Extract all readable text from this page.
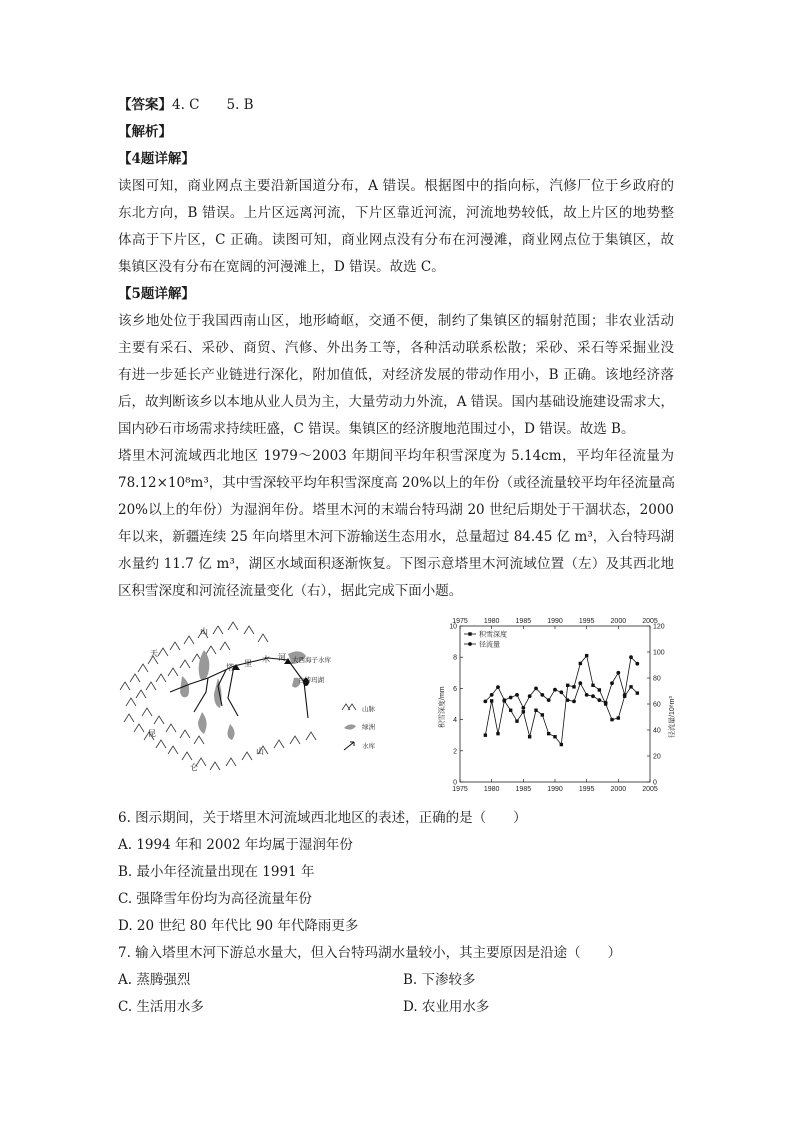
【答案】4. C　　5. B
【解析】
【4题详解】
读图可知，商业网点主要沿新国道分布，A 错误。根据图中的指向标，汽修厂位于乡政府的
东北方向，B 错误。上片区远离河流，下片区靠近河流，河流地势较低，故上片区的地势整
体高于下片区，C 正确。读图可知，商业网点没有分布在河漫滩，商业网点位于集镇区，故
集镇区没有分布在宽阔的河漫滩上，D 错误。故选 C。
【5题详解】
该乡地处位于我国西南山区，地形崎岖，交通不便，制约了集镇区的辐射范围；非农业活动
主要有采石、采砂、商贸、汽修、外出务工等，各种活动联系松散；采砂、采石等采掘业没
有进一步延长产业链进行深化，附加值低，对经济发展的带动作用小，B 正确。该地经济落
后，故判断该乡以本地从业人员为主，大量劳动力外流，A 错误。国内基础设施建设需求大，
国内砂石市场需求持续旺盛，C 错误。集镇区的经济腹地范围过小，D 错误。故选 B。
塔里木河流域西北地区 1979～2003 年期间平均年积雪深度为 5.14cm，平均年径流量为
78.12×10⁸m³，其中雪深较平均年积雪深度高 20%以上的年份（或径流量较平均年径流量高
20%以上的年份）为湿润年份。塔里木河的末端台特玛湖 20 世纪后期处于干涸状态，2000
年以来，新疆连续 25 年向塔里木河下游输送生态用水，总量超过 84.45 亿 m³，入台特玛湖
水量约 11.7 亿 m³，湖区水域面积逐渐恢复。下图示意塔里木河流域位置（左）及其西北地
区积雪深度和河流径流量变化（右），据此完成下面小题。
山
天
塔 里 木 河 大西海子水库
台特玛湖
昆
仑
山
山脉
绿洲
水库
1975 1980 1985 1990 1995 2000 2005
1975 1980 1985 1990 1995 2000 2005
0
2
4
6
8
10
0
20
40
60
80
100
120
积雪深度
径流量
积雪深度/mm	径流量/10⁸m³
6. 图示期间，关于塔里木河流域西北地区的表述，正确的是（　　）
A. 1994 年和 2002 年均属于湿润年份
B. 最小年径流量出现在 1991 年
C. 强降雪年份均为高径流量年份
D. 20 世纪 80 年代比 90 年代降雨更多
7. 输入塔里木河下游总水量大，但入台特玛湖水量较小，其主要原因是沿途（　　）
A. 蒸腾强烈	B. 下渗较多
C. 生活用水多	D. 农业用水多
